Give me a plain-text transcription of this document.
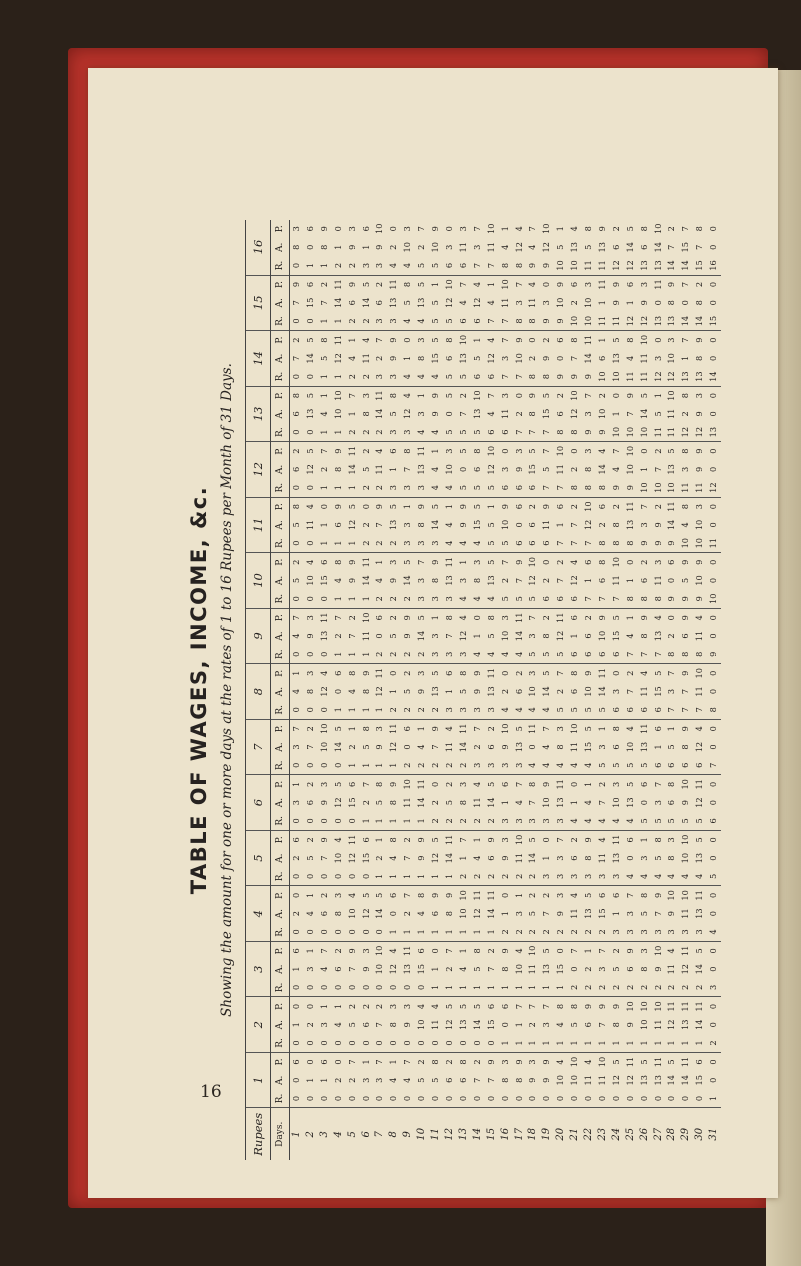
16
TABLE OF WAGES, INCOME, &c. Showing the amount for one or more days at the rates of 1 to 16 Rupees per Month of 31 Days.
Rupees	1			2			3			4			5			6			7			8			9			10			11			12			13			14			15			16		
Days.	R.	A.	P.	R.	A.	P.	R.	A.	P.	R.	A.	P.	R.	A.	P.	R.	A.	P.	R.	A.	P.	R.	A.	P.	R.	A.	P.	R.	A.	P.	R.	A.	P.	R.	A.	P.	R.	A.	P.	R.	A.	P.	R.	A.	P.	R.	A.	P.
1	0	0	6	0	1	0	0	1	6	0	2	0	0	2	6	0	3	1	0	3	7	0	4	1	0	4	7	0	5	2	0	5	8	0	6	2	0	6	8	0	7	2	0	7	9	0	8	3
2	0	1	0	0	2	0	0	3	1	0	4	1	0	5	2	0	6	2	0	7	2	0	8	3	0	9	3	0	10	4	0	11	4	0	12	5	0	13	5	0	14	5	0	15	6	1	0	6
3	0	1	6	0	3	1	0	4	7	0	6	2	0	7	9	0	9	3	0	10	10	0	12	4	0	13	11	0	15	6	1	1	0	1	2	7	1	4	1	1	5	8	1	7	2	1	8	9
4	0	2	0	0	4	1	0	6	2	0	8	3	0	10	4	0	12	5	0	14	5	1	0	6	1	2	7	1	4	8	1	6	9	1	8	9	1	10	10	1	12	11	1	14	11	2	1	0
5	0	2	7	0	5	2	0	7	9	0	10	4	0	12	11	0	15	6	1	2	1	1	4	8	1	7	2	1	9	9	1	12	5	1	14	11	2	1	7	2	4	1	2	6	9	2	9	3
6	0	3	1	0	6	2	0	9	3	0	12	5	0	15	6	1	2	7	1	5	8	1	8	9	1	11	10	1	14	11	2	2	0	2	5	2	2	8	3	2	11	4	2	14	5	3	1	6
7	0	3	7	0	7	2	0	10	10	0	14	5	1	2	1	1	5	8	1	9	3	1	12	11	2	0	6	2	4	1	2	7	9	2	11	4	2	14	11	3	2	7	3	6	2	3	9	10
8	0	4	1	0	8	3	0	12	4	1	0	6	1	4	8	1	8	9	1	12	11	2	1	0	2	5	2	2	9	3	2	13	5	3	1	6	3	5	8	3	9	9	3	13	11	4	2	0
9	0	4	7	0	9	3	0	13	11	1	2	7	1	7	2	1	11	10	2	0	6	2	5	2	2	9	9	2	14	5	3	3	1	3	7	8	3	12	4	4	1	0	4	5	8	4	10	3
10	0	5	2	0	10	4	0	15	6	1	4	8	1	9	9	1	14	11	2	4	1	2	9	3	2	14	5	3	3	7	3	8	9	3	13	11	4	3	1	4	8	3	4	13	5	5	2	7
11	0	5	8	0	11	4	1	1	0	1	6	9	1	12	5	2	2	0	2	7	9	2	13	5	3	3	1	3	8	9	3	14	5	4	4	1	4	9	9	4	15	5	5	5	1	5	10	9
12	0	6	2	0	12	5	1	2	7	1	8	9	1	14	11	2	5	2	2	11	4	3	1	6	3	7	8	3	13	11	4	4	1	4	10	3	5	0	5	5	6	8	5	12	10	6	3	0
13	0	6	8	0	13	5	1	4	1	1	10	10	2	1	7	2	8	3	2	14	11	3	5	8	3	12	4	4	3	1	4	9	9	5	0	5	5	7	2	5	13	10	6	4	7	6	11	3
14	0	7	2	0	14	5	1	5	8	1	12	11	2	4	1	2	11	4	3	2	7	3	9	9	4	1	0	4	8	3	4	15	5	5	6	8	5	13	10	6	5	1	6	12	4	7	3	7
15	0	7	9	0	15	6	1	7	2	1	14	11	2	6	9	2	14	5	3	6	2	3	13	11	4	5	8	4	13	5	5	5	1	5	12	10	6	4	7	6	12	4	7	4	1	7	11	10
16	0	8	3	1	0	6	1	8	9	2	1	0	2	9	3	3	1	6	3	9	10	4	2	0	4	10	3	5	2	7	5	10	9	6	3	0	6	11	3	7	3	7	7	11	10	8	4	1
17	0	8	9	1	1	7	1	10	4	2	3	1	2	11	10	3	4	7	3	13	5	4	6	2	4	14	11	5	7	9	6	0	6	6	9	3	7	2	0	7	10	9	8	3	7	8	12	4
18	0	9	3	1	2	7	1	11	10	2	5	2	2	14	5	3	7	8	4	0	11	4	10	3	5	3	7	5	12	10	6	6	2	6	15	5	7	8	9	8	2	0	8	11	4	9	4	7
19	0	9	9	1	3	7	1	13	5	2	7	2	3	1	0	3	10	9	4	4	7	4	14	5	5	8	2	6	2	0	6	11	9	7	5	7	7	15	5	8	9	2	9	3	0	9	12	10
20	0	10	4	1	4	8	1	15	0	2	9	3	3	3	7	3	13	11	4	8	3	5	2	7	5	12	11	6	7	2	7	1	6	7	11	10	8	6	2	9	0	6	9	10	9	10	5	1
21	0	10	10	1	5	8	2	0	7	2	11	4	3	6	2	4	1	0	4	11	10	5	6	8	6	1	6	6	12	4	7	7	2	8	2	0	8	12	10	9	7	8	10	2	6	10	13	4
22	0	11	4	1	6	9	2	2	1	2	13	5	3	8	9	4	4	1	4	15	5	5	10	9	6	6	2	7	1	6	7	12	10	8	8	3	9	3	7	9	14	11	10	10	3	11	5	8
23	0	11	10	1	7	9	2	3	7	2	15	6	3	11	4	4	7	2	5	3	1	5	14	11	6	10	9	7	6	8	8	2	6	8	14	4	9	10	2	10	6	1	11	1	11	11	13	9
24	0	12	5	1	8	9	2	5	2	3	1	6	3	13	11	4	10	3	5	6	8	6	3	0	6	15	5	7	11	10	8	8	2	9	4	7	10	1	0	10	13	5	11	9	9	12	6	2
25	0	12	11	1	9	10	2	6	9	3	3	7	4	0	6	4	13	5	5	10	4	6	7	2	7	4	1	8	1	0	8	13	11	9	10	10	10	7	9	11	4	8	12	1	6	12	14	5
26	0	13	5	1	10	10	2	8	3	3	5	8	4	3	1	5	0	6	5	13	11	6	11	4	7	8	9	8	6	2	9	3	7	10	1	0	10	14	5	11	11	10	12	9	3	13	6	8
27	0	13	11	1	11	10	2	9	10	3	7	9	4	5	8	5	3	7	6	1	6	6	15	5	7	13	4	8	11	3	9	9	2	10	7	2	11	5	1	12	3	0	13	0	11	13	14	10
28	0	14	5	1	12	11	2	11	4	3	9	10	4	8	3	5	6	8	6	5	1	7	3	7	8	2	0	9	0	6	9	14	11	10	13	5	11	11	10	12	10	3	13	8	9	14	7	2
29	0	14	11	1	13	11	2	12	11	3	11	10	4	10	10	5	9	10	6	8	9	7	7	9	8	6	9	9	5	9	10	4	8	11	3	8	12	2	8	13	1	7	14	0	7	14	15	7
30	0	15	6	1	14	11	2	14	5	3	13	11	4	13	5	5	12	11	6	12	4	7	11	10	8	11	4	9	10	9	10	10	3	11	9	9	12	9	3	13	8	9	14	8	2	15	7	8
31	1	0	0	2	0	0	3	0	0	4	0	0	5	0	0	6	0	0	7	0	0	8	0	0	9	0	0	10	0	0	11	0	0	12	0	0	13	0	0	14	0	0	15	0	0	16	0	0
